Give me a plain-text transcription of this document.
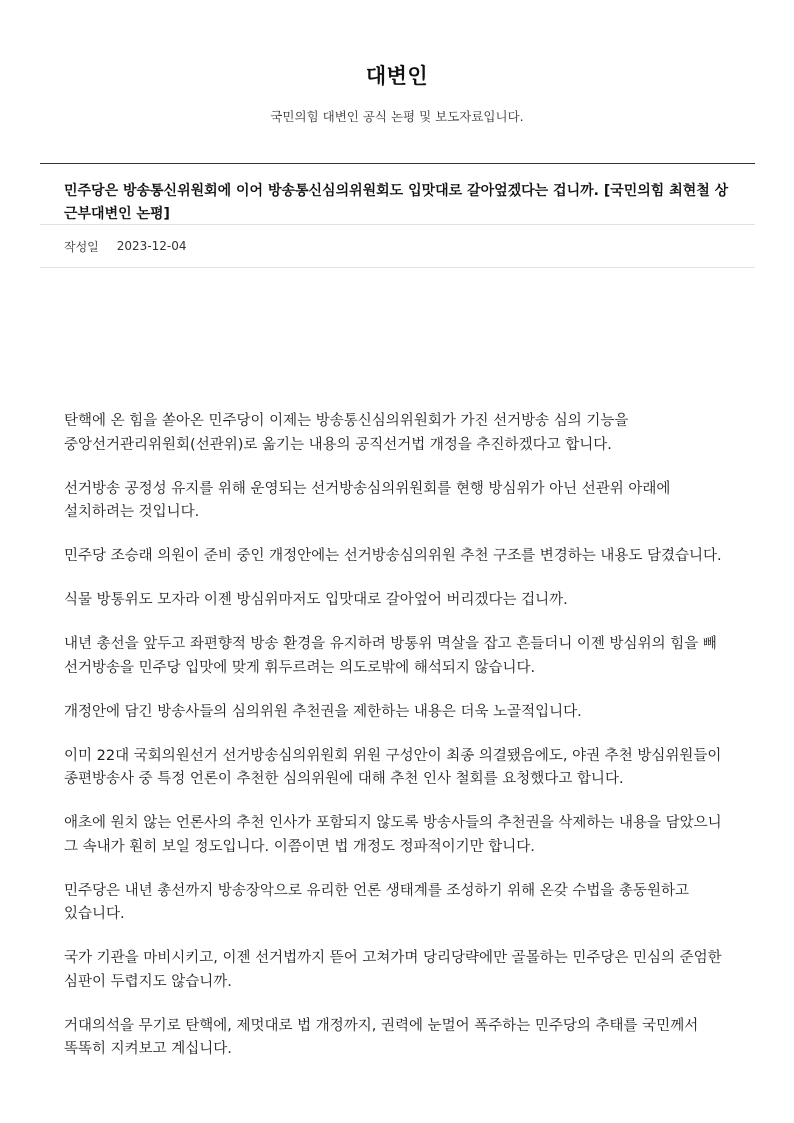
대변인
국민의힘 대변인 공식 논평 및 보도자료입니다.
민주당은 방송통신위원회에 이어 방송통신심의위원회도 입맛대로 갈아엎겠다는 겁니까. [국민의힘 최현철 상근부대변인 논평]
작성일 2023-12-04

탄핵에 온 힘을 쏟아온 민주당이 이제는 방송통신심의위원회가 가진 선거방송 심의 기능을 중앙선거관리위원회(선관위)로 옮기는 내용의 공직선거법 개정을 추진하겠다고 합니다.

선거방송 공정성 유지를 위해 운영되는 선거방송심의위원회를 현행 방심위가 아닌 선관위 아래에 설치하려는 것입니다.

민주당 조승래 의원이 준비 중인 개정안에는 선거방송심의위원 추천 구조를 변경하는 내용도 담겼습니다.

식물 방통위도 모자라 이젠 방심위마저도 입맛대로 갈아엎어 버리겠다는 겁니까.

내년 총선을 앞두고 좌편향적 방송 환경을 유지하려 방통위 멱살을 잡고 흔들더니 이젠 방심위의 힘을 빼 선거방송을 민주당 입맛에 맞게 휘두르려는 의도로밖에 해석되지 않습니다.

개정안에 담긴 방송사들의 심의위원 추천권을 제한하는 내용은 더욱 노골적입니다.

이미 22대 국회의원선거 선거방송심의위원회 위원 구성안이 최종 의결됐음에도, 야권 추천 방심위원들이 종편방송사 중 특정 언론이 추천한 심의위원에 대해 추천 인사 철회를 요청했다고 합니다.

애초에 원치 않는 언론사의 추천 인사가 포함되지 않도록 방송사들의 추천권을 삭제하는 내용을 담았으니 그 속내가 훤히 보일 정도입니다. 이쯤이면 법 개정도 정파적이기만 합니다.

민주당은 내년 총선까지 방송장악으로 유리한 언론 생태계를 조성하기 위해 온갖 수법을 총동원하고 있습니다.

국가 기관을 마비시키고, 이젠 선거법까지 뜯어 고쳐가며 당리당략에만 골몰하는 민주당은 민심의 준엄한 심판이 두렵지도 않습니까.

거대의석을 무기로 탄핵에, 제멋대로 법 개정까지, 권력에 눈멀어 폭주하는 민주당의 추태를 국민께서 똑똑히 지켜보고 계십니다.
